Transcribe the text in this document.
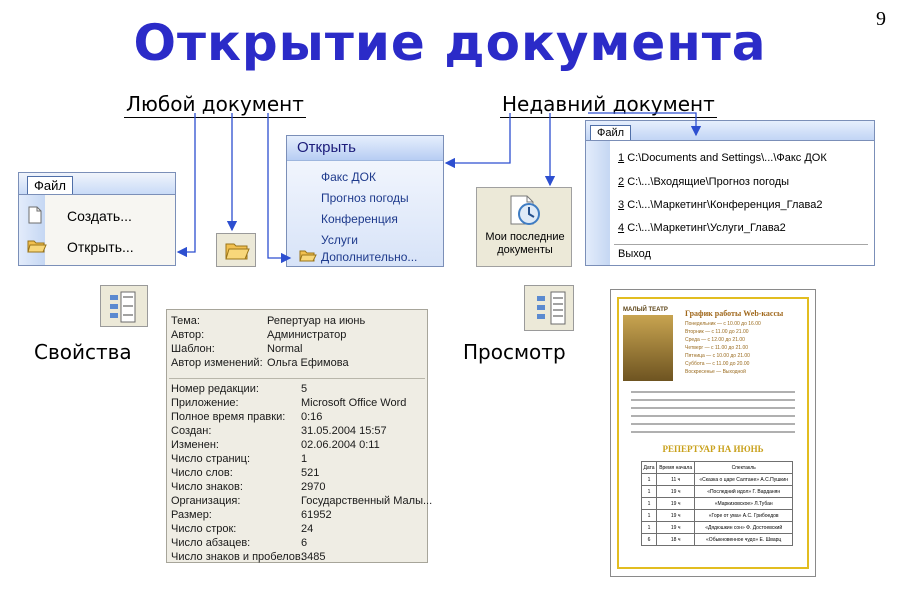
9
Открытие документа
Любой документ	Недавний документ
Свойства	Просмотр
Файл
Создать...
Открыть...
Открыть
Факс ДОК
Прогноз погоды
Конференция
Услуги
Дополнительно...
Мои последние
документы
Файл
1 C:\Documents and Settings\...\Факс ДОК
2 C:\...\Входящие\Прогноз погоды
3 C:\...\Маркетинг\Конференция_Глава2
4 C:\...\Маркетинг\Услуги_Глава2
Выход
Тема:	Репертуар на июнь
Автор:	Администратор
Шаблон:	Normal
Автор изменений: Ольга Ефимова
Номер редакции:	5
Приложение:	Microsoft Office Word
Полное время правки: 0:16
Создан:	31.05.2004 15:57
Изменен:	02.06.2004 0:11
Число страниц:	1
Число слов:	521
Число знаков:	2970
Организация:	Государственный Малы...
Размер:	61952
Число строк:	24
Число абзацев:	6
Число знаков и пробелов:
3485
МАЛЫЙ ТЕАТР График работы Web-кассы
Понедельник — с 10.00 до 16.00
Вторник — с 11.00 до 21.00
Среда — с 12.00 до 21.00
Четверг — с 11.00 до 21.00
Пятница — с 10.00 до 21.00
Суббота — с 11.00 до 20.00
Воскресенье — Выходной
РЕПЕРТУАР НА ИЮНЬ
Дата	Время начала	Спектакль
1	11 ч	«Сказка о царе Салтане» А.С.Пушкин
1	19 ч	«Последний идол» Г. Варданян
1	19 ч	«Маркизовское» Л.Тубан
1	19 ч	«Горе от ума» А.С. Грибоедов
1	19 ч	«Дядюшкин сон» Ф. Достоевский
6	18 ч	«Обыкновенное чудо» Е. Шварц
